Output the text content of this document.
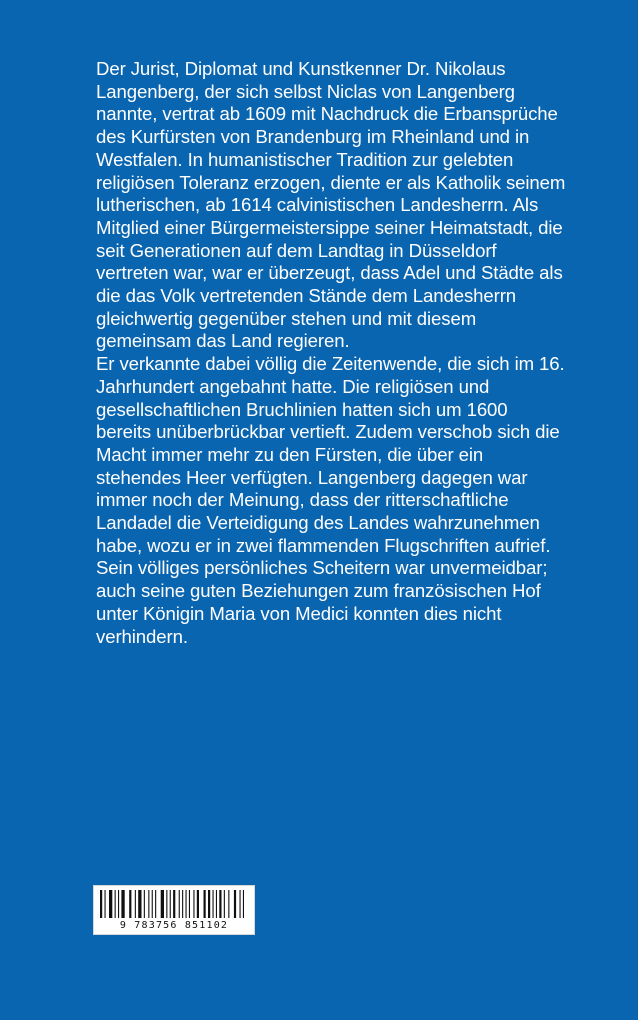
Der Jurist, Diplomat und Kunstkenner Dr. Nikolaus Langenberg, der sich selbst Niclas von Langenberg nannte, vertrat ab 1609 mit Nachdruck die Erbansprüche des Kurfürsten von Brandenburg im Rheinland und in Westfalen. In humanistischer Tradition zur gelebten religiösen Toleranz erzogen, diente er als Katholik seinem lutherischen, ab 1614 calvinistischen Landesherrn. Als Mitglied einer Bürgermeistersippe seiner Heimatstadt, die seit Generationen auf dem Landtag in Düsseldorf vertreten war, war er überzeugt, dass Adel und Städte als die das Volk vertretenden Stände dem Landesherrn gleichwertig gegenüber stehen und mit diesem gemeinsam das Land regieren.

Er verkannte dabei völlig die Zeitenwende, die sich im 16. Jahrhundert angebahnt hatte. Die religiösen und gesellschaftlichen Bruchlinien hatten sich um 1600 bereits unüberbrückbar vertieft. Zudem verschob sich die Macht immer mehr zu den Fürsten, die über ein stehendes Heer verfügten. Langenberg dagegen war immer noch der Meinung, dass der ritterschaftliche Landadel die Verteidigung des Landes wahrzunehmen habe, wozu er in zwei flammenden Flugschriften aufrief. Sein völliges persönliches Scheitern war unvermeidbar; auch seine guten Beziehungen zum französischen Hof unter Königin Maria von Medici konnten dies nicht verhindern.

9 783756 851102
